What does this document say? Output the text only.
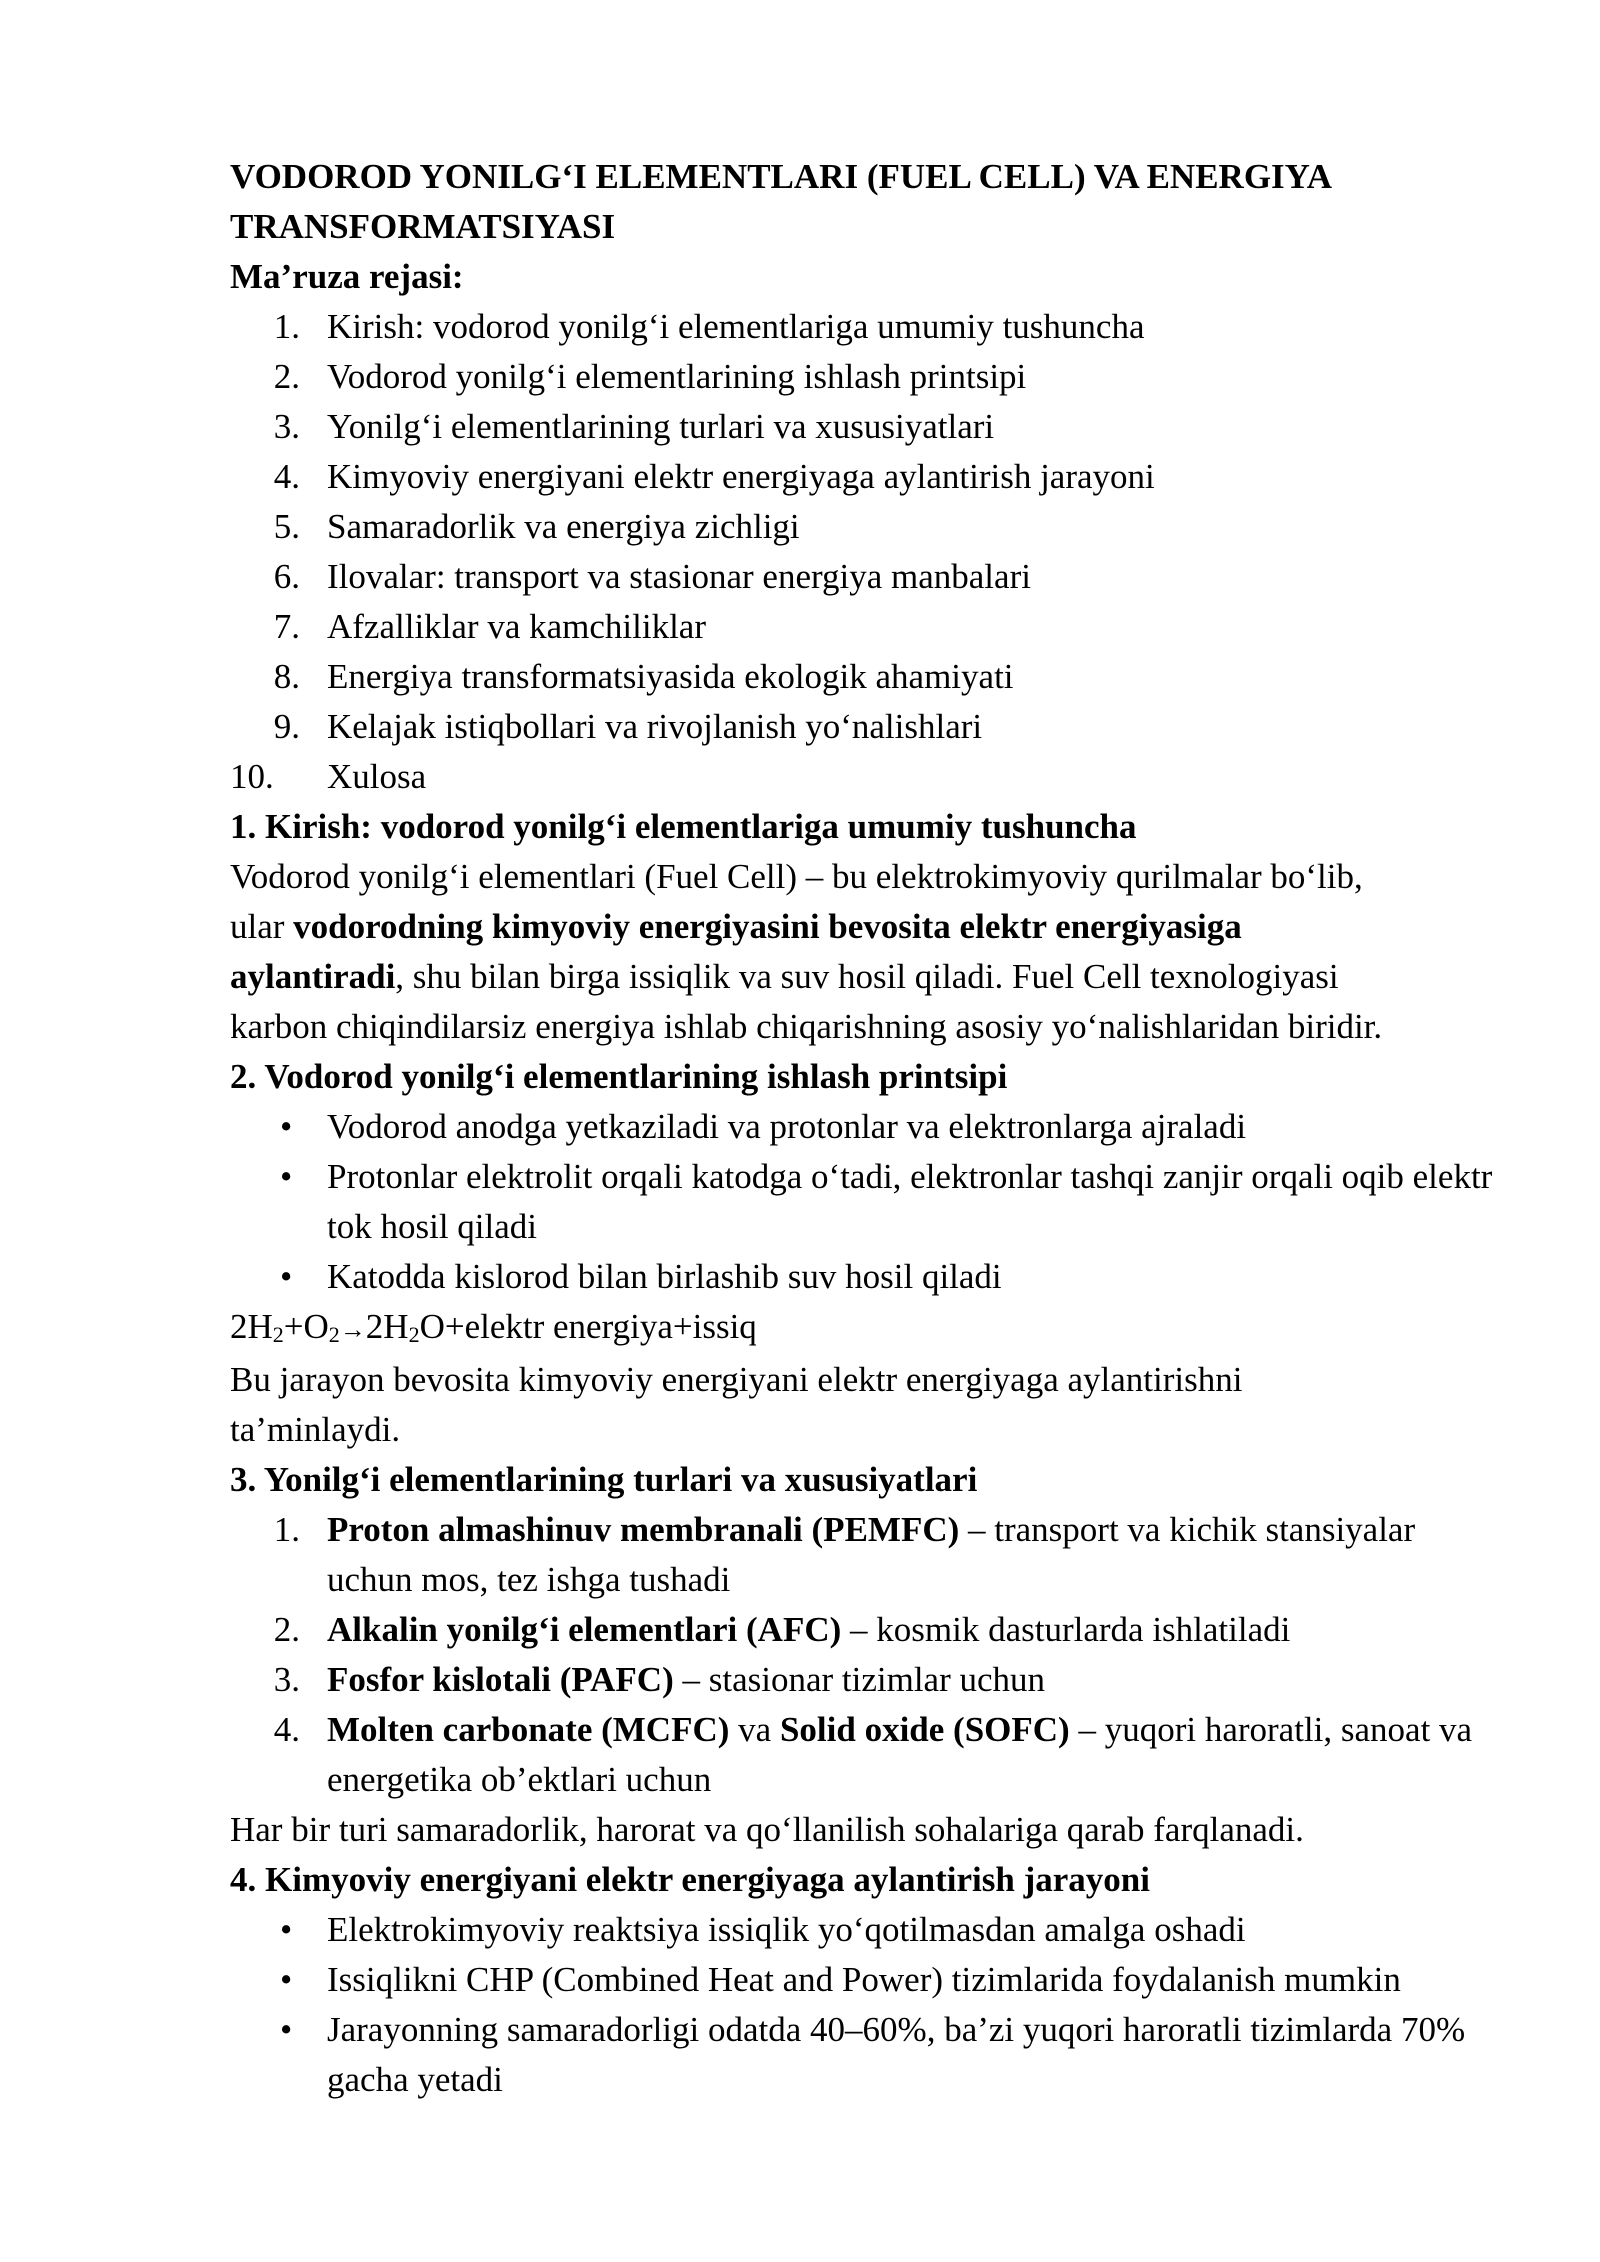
VODOROD YONILG‘I ELEMENTLARI (FUEL CELL) VA ENERGIYA
TRANSFORMATSIYASI

Ma’ruza rejasi:

1. Kirish: vodorod yonilg‘i elementlariga umumiy tushuncha
2. Vodorod yonilg‘i elementlarining ishlash printsipi
3. Yonilg‘i elementlarining turlari va xususiyatlari
4. Kimyoviy energiyani elektr energiyaga aylantirish jarayoni
5. Samaradorlik va energiya zichligi
6. Ilovalar: transport va stasionar energiya manbalari
7. Afzalliklar va kamchiliklar
8. Energiya transformatsiyasida ekologik ahamiyati
9. Kelajak istiqbollari va rivojlanish yo‘nalishlari
10.	Xulosa

1. Kirish: vodorod yonilg‘i elementlariga umumiy tushuncha

Vodorod yonilg‘i elementlari (Fuel Cell) – bu elektrokimyoviy qurilmalar bo‘lib,
ular vodorodning kimyoviy energiyasini bevosita elektr energiyasiga
aylantiradi, shu bilan birga issiqlik va suv hosil qiladi. Fuel Cell texnologiyasi
karbon chiqindilarsiz energiya ishlab chiqarishning asosiy yo‘nalishlaridan biridir.

2. Vodorod yonilg‘i elementlarining ishlash printsipi

• Vodorod anodga yetkaziladi va protonlar va elektronlarga ajraladi
• Protonlar elektrolit orqali katodga o‘tadi, elektronlar tashqi zanjir orqali oqib elektr tok hosil qiladi
• Katodda kislorod bilan birlashib suv hosil qiladi

$2H_2+O_2\to 2H_2O+elektr$ energiya+issiq

Bu jarayon bevosita kimyoviy energiyani elektr energiyaga aylantirishni
ta’minlaydi.

3. Yonilg‘i elementlarining turlari va xususiyatlari

1. Proton almashinuv membranali (PEMFC) – transport va kichik stansiyalar uchun mos, tez ishga tushadi
2. Alkalin yonilg‘i elementlari (AFC) – kosmik dasturlarda ishlatiladi
3. Fosfor kislotali (PAFC) – stasionar tizimlar uchun
4. Molten carbonate (MCFC) va Solid oxide (SOFC) – yuqori haroratli, sanoat va energetika ob’ektlari uchun

Har bir turi samaradorlik, harorat va qo‘llanilish sohalariga qarab farqlanadi.

4. Kimyoviy energiyani elektr energiyaga aylantirish jarayoni

• Elektrokimyoviy reaktsiya issiqlik yo‘qotilmasdan amalga oshadi
• Issiqlikni CHP (Combined Heat and Power) tizimlarida foydalanish mumkin
• Jarayonning samaradorligi odatda 40–60%, ba’zi yuqori haroratli tizimlarda 70% gacha yetadi
